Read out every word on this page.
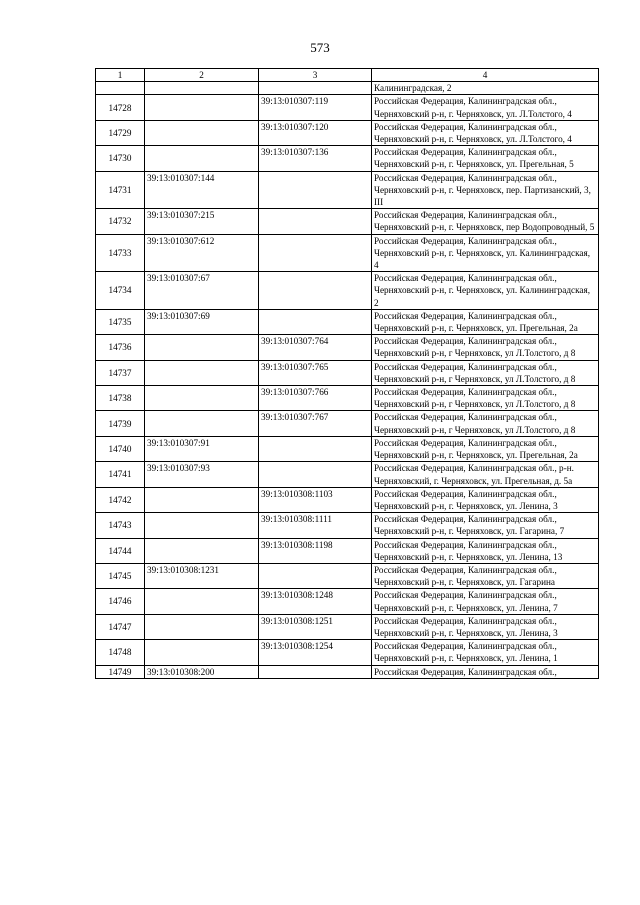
573
1	2	3	4
			Калининградская, 2
14728		39:13:010307:119	Российская Федерация, Калининградская обл., Черняховский р-н, г. Черняховск, ул. Л.Толстого, 4
14729		39:13:010307:120	Российская Федерация, Калининградская обл., Черняховский р-н, г. Черняховск, ул. Л.Толстого, 4
14730		39:13:010307:136	Российская Федерация, Калининградская обл., Черняховский р-н, г. Черняховск, ул. Прегельная, 5
14731	39:13:010307:144		Российская Федерация, Калининградская обл., Черняховский р-н, г. Черняховск, пер. Партизанский, 3, III
14732	39:13:010307:215		Российская Федерация, Калининградская обл., Черняховский р-н, г. Черняховск, пер Водопроводный, 5
14733	39:13:010307:612		Российская Федерация, Калининградская обл., Черняховский р-н, г. Черняховск, ул. Калининградская, 4
14734	39:13:010307:67		Российская Федерация, Калининградская обл., Черняховский р-н, г. Черняховск, ул. Калининградская, 2
14735	39:13:010307:69		Российская Федерация, Калининградская обл., Черняховский р-н, г. Черняховск, ул. Прегельная, 2а
14736		39:13:010307:764	Российская Федерация, Калининградская обл., Черняховский р-н, г Черняховск, ул Л.Толстого, д 8
14737		39:13:010307:765	Российская Федерация, Калининградская обл., Черняховский р-н, г Черняховск, ул Л.Толстого, д 8
14738		39:13:010307:766	Российская Федерация, Калининградская обл., Черняховский р-н, г Черняховск, ул Л.Толстого, д 8
14739		39:13:010307:767	Российская Федерация, Калининградская обл., Черняховский р-н, г Черняховск, ул Л.Толстого, д 8
14740	39:13:010307:91		Российская Федерация, Калининградская обл., Черняховский р-н, г. Черняховск, ул. Прегельная, 2а
14741	39:13:010307:93		Российская Федерация, Калининградская обл., р-н. Черняховский, г. Черняховск, ул. Прегельная, д. 5а
14742		39:13:010308:1103	Российская Федерация, Калининградская обл., Черняховский р-н, г. Черняховск, ул. Ленина, 3
14743		39:13:010308:1111	Российская Федерация, Калининградская обл., Черняховский р-н, г. Черняховск, ул. Гагарина, 7
14744		39:13:010308:1198	Российская Федерация, Калининградская обл., Черняховский р-н, г. Черняховск, ул. Ленина, 13
14745	39:13:010308:1231		Российская Федерация, Калининградская обл., Черняховский р-н, г. Черняховск, ул. Гагарина
14746		39:13:010308:1248	Российская Федерация, Калининградская обл., Черняховский р-н, г. Черняховск, ул. Ленина, 7
14747		39:13:010308:1251	Российская Федерация, Калининградская обл., Черняховский р-н, г. Черняховск, ул. Ленина, 3
14748		39:13:010308:1254	Российская Федерация, Калининградская обл., Черняховский р-н, г. Черняховск, ул. Ленина, 1
14749	39:13:010308:200		Российская Федерация, Калининградская обл.,
